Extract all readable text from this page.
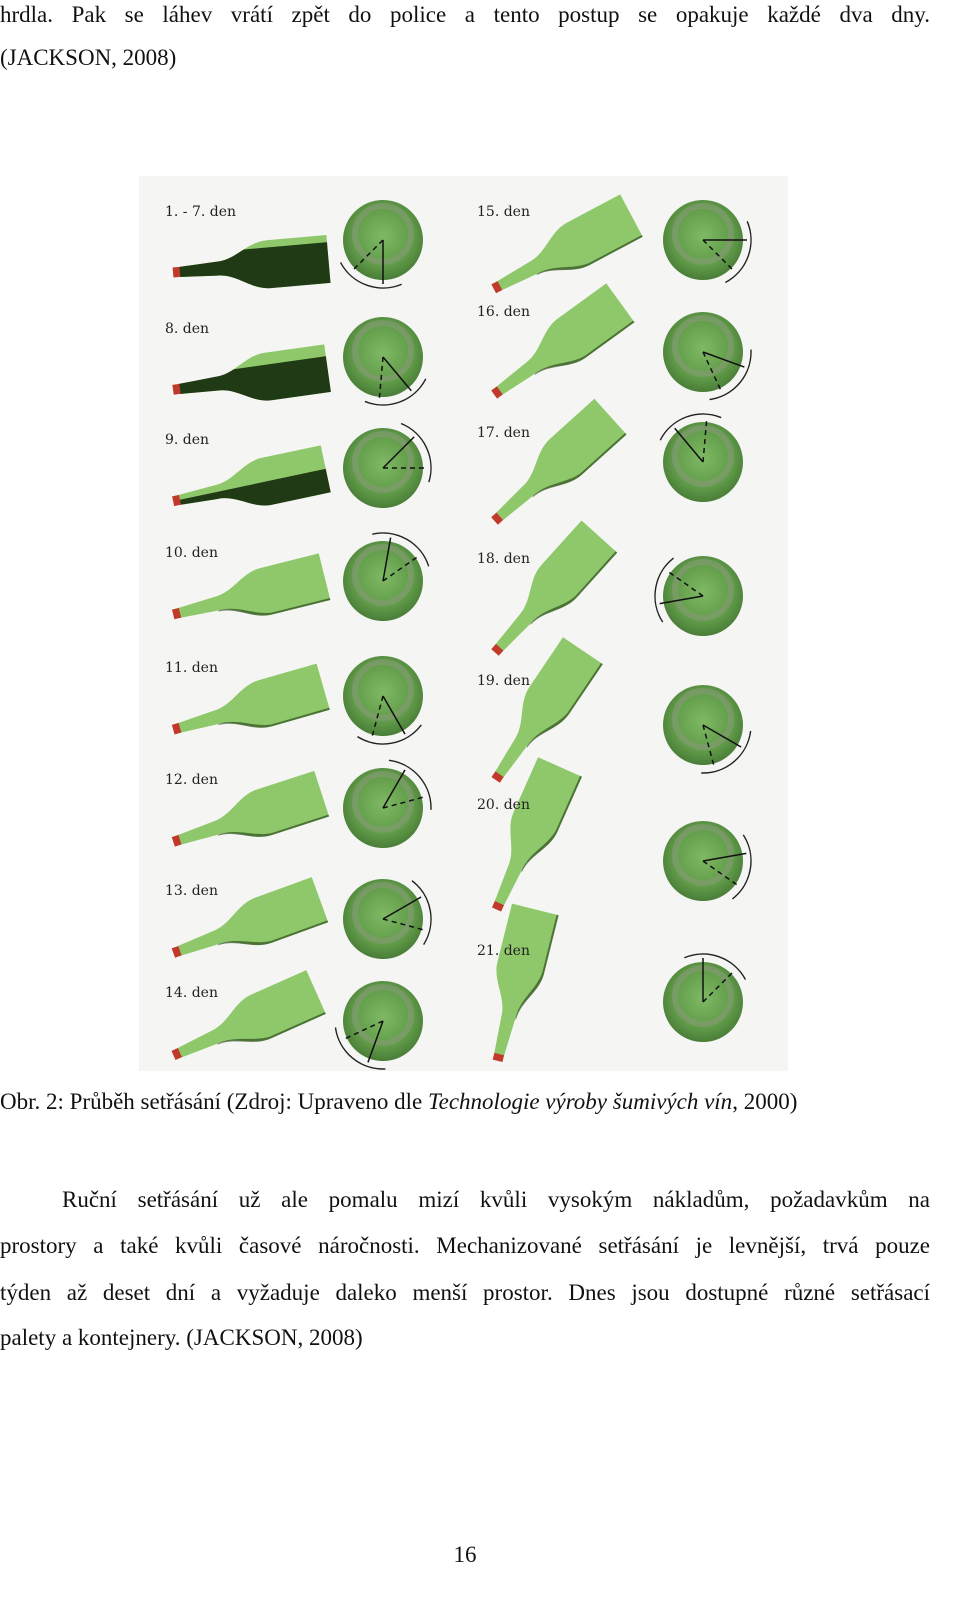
hrdla. Pak se láhev vrátí zpět do police a tento postup se opakuje každé dva dny.
(JACKSON, 2008)
1. - 7. den
8. den
9. den
10. den
11. den
12. den
13. den
14. den
15. den
16. den
17. den
18. den
19. den
20. den
21. den
Obr. 2: Průběh setřásání (Zdroj: Upraveno dle Technologie výroby šumivých vín, 2000)
Ruční setřásání už ale pomalu mizí kvůli vysokým nákladům, požadavkům na
prostory a také kvůli časové náročnosti. Mechanizované setřásání je levnější, trvá pouze
týden až deset dní a vyžaduje daleko menší prostor. Dnes jsou dostupné různé setřásací
palety a kontejnery. (JACKSON, 2008)
16
